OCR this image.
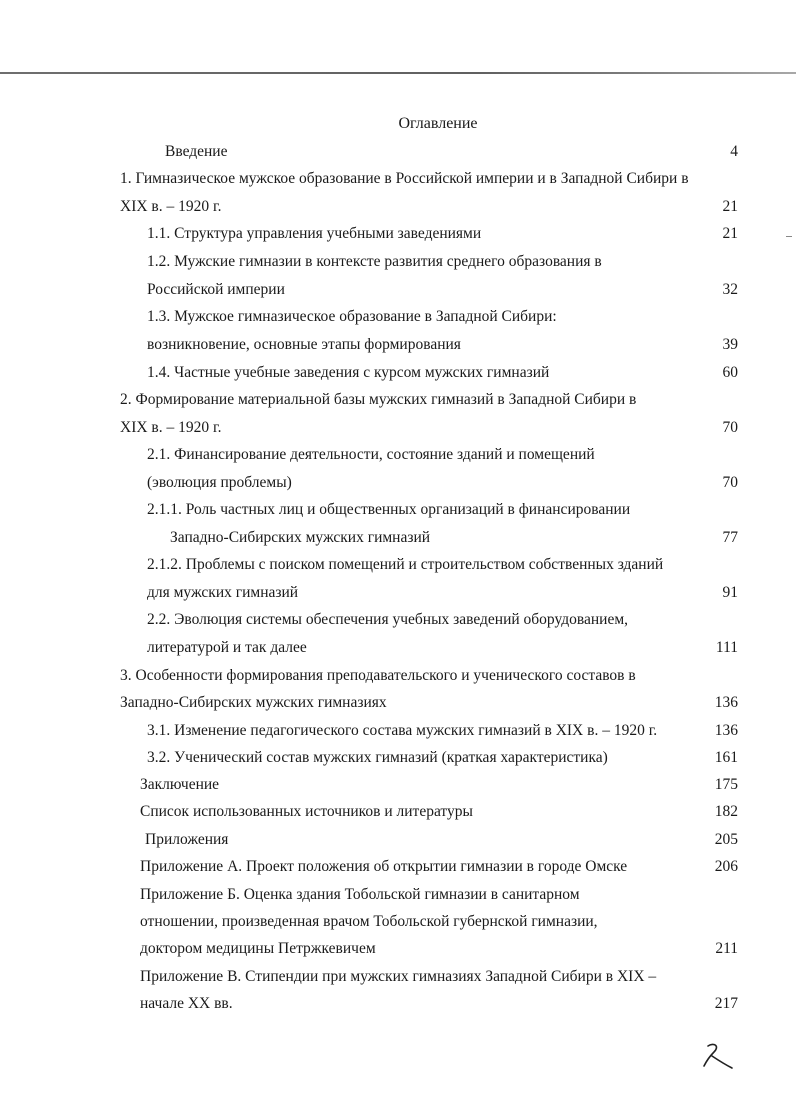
Оглавление
Введение	4
1. Гимназическое мужское образование в Российской империи и в Западной Сибири в
XIX в. – 1920 г.	21
1.1. Структура управления учебными заведениями	21
1.2. Мужские гимназии в контексте развития среднего образования в
Российской империи	32
1.3. Мужское гимназическое образование в Западной Сибири:
возникновение, основные этапы формирования	39
1.4. Частные учебные заведения с курсом мужских гимназий	60
2. Формирование материальной базы мужских гимназий в Западной Сибири в
XIX в. – 1920 г.	70
2.1. Финансирование деятельности, состояние зданий и помещений
(эволюция проблемы)	70
2.1.1. Роль частных лиц и общественных организаций в финансировании
Западно-Сибирских мужских гимназий	77
2.1.2. Проблемы с поиском помещений и строительством собственных зданий
для мужских гимназий	91
2.2. Эволюция системы обеспечения учебных заведений оборудованием,
литературой и так далее	111
3. Особенности формирования преподавательского и ученического составов в
Западно-Сибирских мужских гимназиях	136
3.1. Изменение педагогического состава мужских гимназий в XIX в. – 1920 г.	136
3.2. Ученический состав мужских гимназий (краткая характеристика)	161
Заключение	175
Список использованных источников и литературы	182
Приложения	205
Приложение А. Проект положения об открытии гимназии в городе Омске	206
Приложение Б. Оценка здания Тобольской гимназии в санитарном
отношении, произведенная врачом Тобольской губернской гимназии,
доктором медицины Петржкевичем	211
Приложение В. Стипендии при мужских гимназиях Западной Сибири в XIX –
начале XX вв.	217
